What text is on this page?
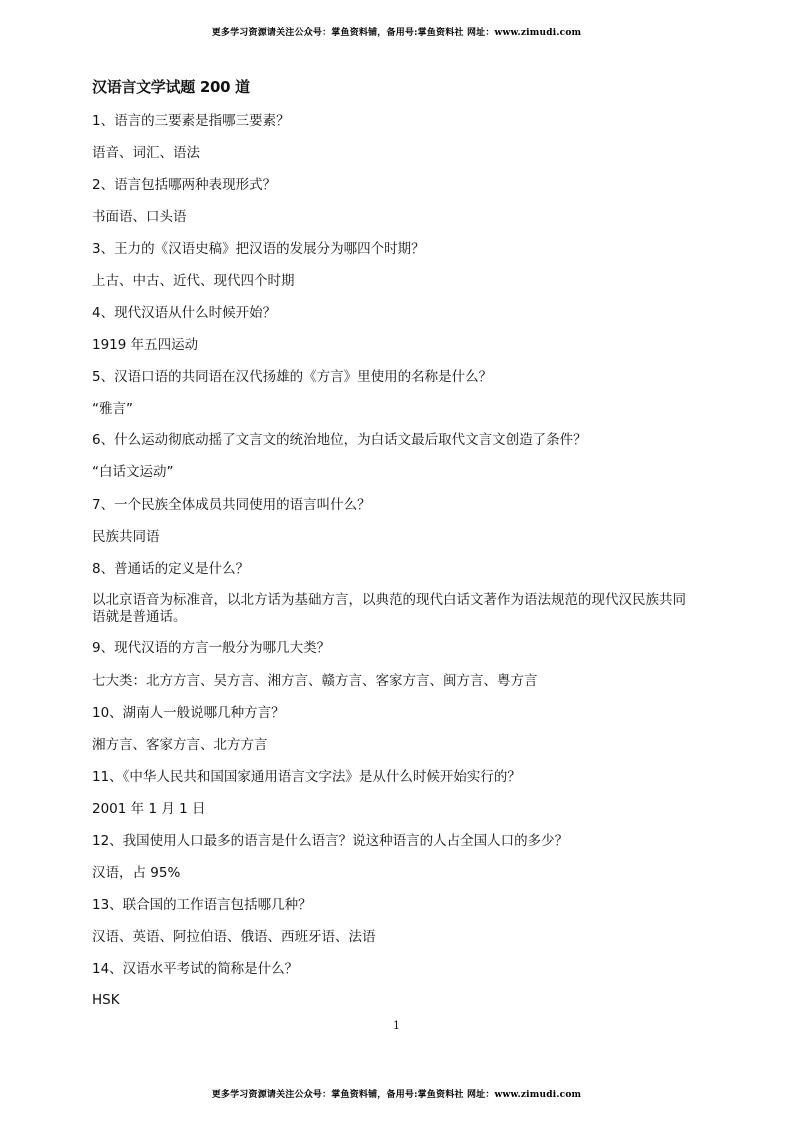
更多学习资源请关注公众号：掌鱼资料铺，备用号:掌鱼资料社 网址：www.zimudi.com
汉语言文学试题 200 道
1、语言的三要素是指哪三要素？
语音、词汇、语法
2、语言包括哪两种表现形式？
书面语、口头语
3、王力的《汉语史稿》把汉语的发展分为哪四个时期？
上古、中古、近代、现代四个时期
4、现代汉语从什么时候开始？
1919 年五四运动
5、汉语口语的共同语在汉代扬雄的《方言》里使用的名称是什么？
“雅言”
6、什么运动彻底动摇了文言文的统治地位，为白话文最后取代文言文创造了条件？
“白话文运动”
7、一个民族全体成员共同使用的语言叫什么？
民族共同语
8、普通话的定义是什么？
以北京语音为标准音，以北方话为基础方言，以典范的现代白话文著作为语法规范的现代汉民族共同语就是普通话。
9、现代汉语的方言一般分为哪几大类？
七大类：北方方言、吴方言、湘方言、赣方言、客家方言、闽方言、粤方言
10、湖南人一般说哪几种方言？
湘方言、客家方言、北方方言
11、《中华人民共和国国家通用语言文字法》是从什么时候开始实行的？
2001 年 1 月 1 日
12、我国使用人口最多的语言是什么语言？说这种语言的人占全国人口的多少？
汉语，占 95%
13、联合国的工作语言包括哪几种？
汉语、英语、阿拉伯语、俄语、西班牙语、法语
14、汉语水平考试的简称是什么？
HSK
1
更多学习资源请关注公众号：掌鱼资料铺，备用号:掌鱼资料社 网址：www.zimudi.com
